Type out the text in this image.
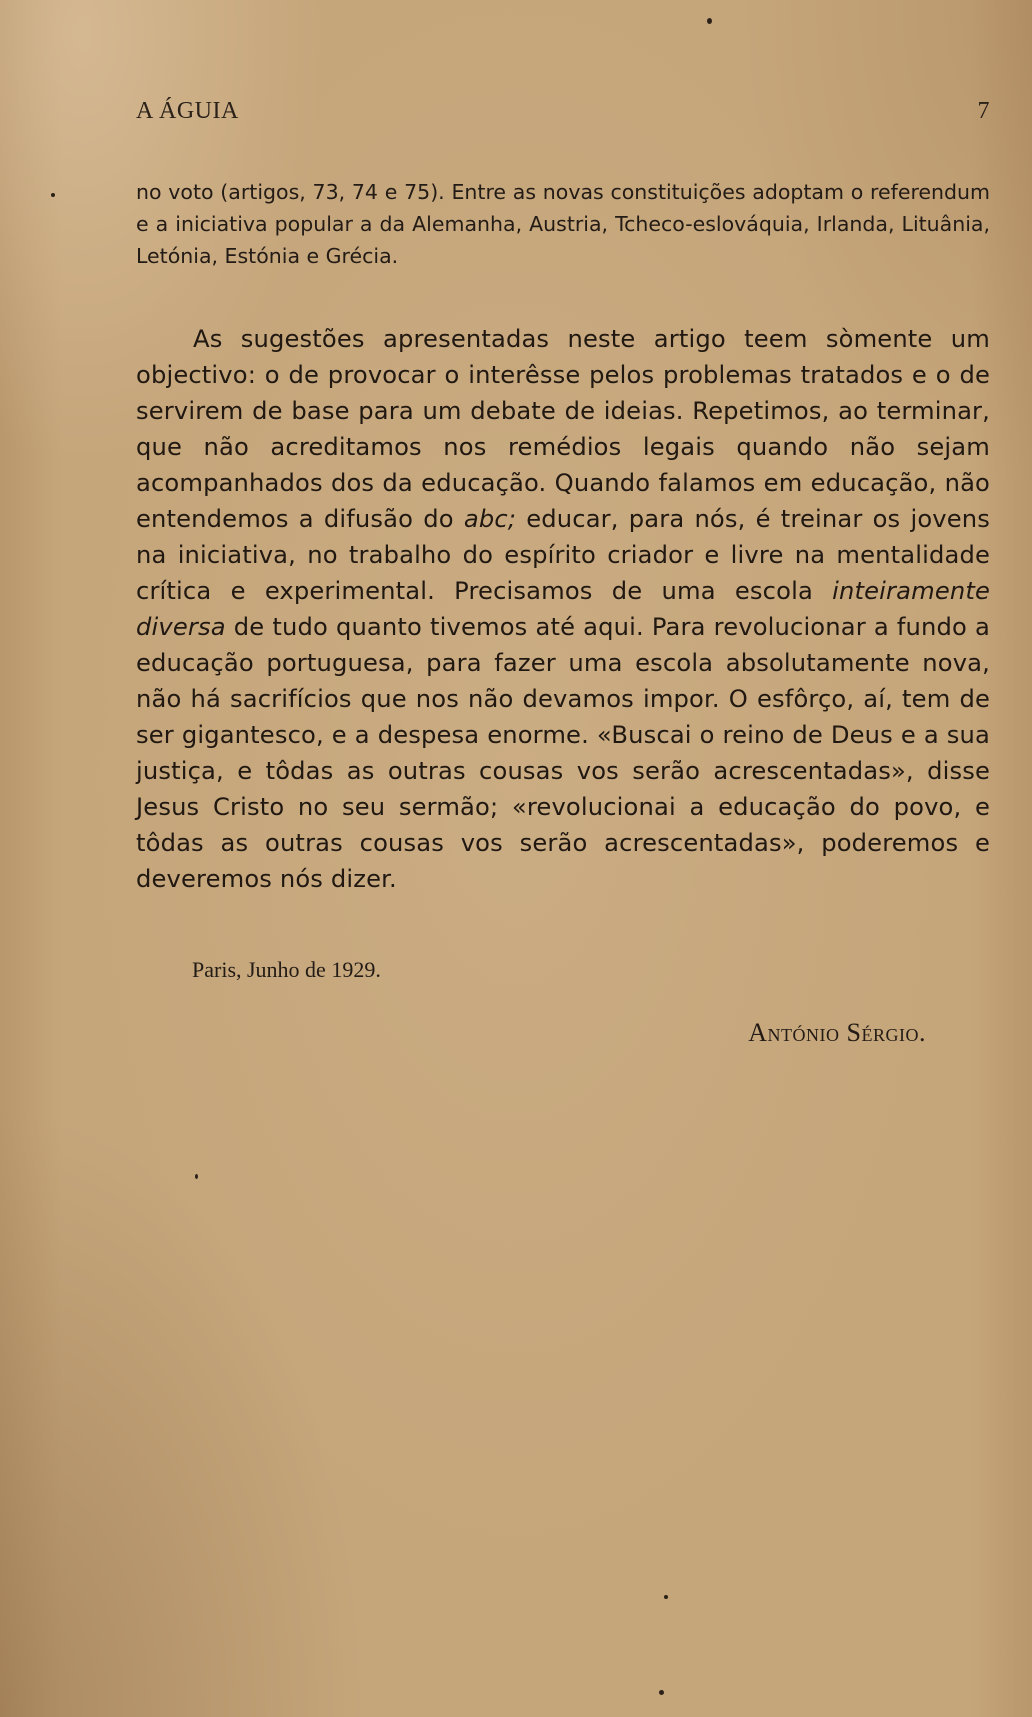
A ÁGUIA	7
no voto (artigos, 73, 74 e 75). Entre as novas constituições adoptam o referendum e a iniciativa popular a da Alemanha, Austria, Tcheco-eslováquia, Irlanda, Lituânia, Letónia, Estónia e Grécia.

As sugestões apresentadas neste artigo teem sòmente um objectivo: o de provocar o interêsse pelos problemas tratados e o de servirem de base para um debate de ideias. Repetimos, ao terminar, que não acreditamos nos remédios legais quando não sejam acompanhados dos da educação. Quando falamos em educação, não entendemos a difusão do abc; educar, para nós, é treinar os jovens na iniciativa, no trabalho do espírito criador e livre na mentalidade crítica e experimental. Precisamos de uma escola inteiramente diversa de tudo quanto tivemos até aqui. Para revolucionar a fundo a educação portuguesa, para fazer uma escola absolutamente nova, não há sacrifícios que nos não devamos impor. O esfôrço, aí, tem de ser gigantesco, e a despesa enorme. «Buscai o reino de Deus e a sua justiça, e tôdas as outras cousas vos serão acrescentadas», disse Jesus Cristo no seu sermão; «revolucionai a educação do povo, e tôdas as outras cousas vos serão acrescentadas», poderemos e deveremos nós dizer.

Paris, Junho de 1929.
António Sérgio.
